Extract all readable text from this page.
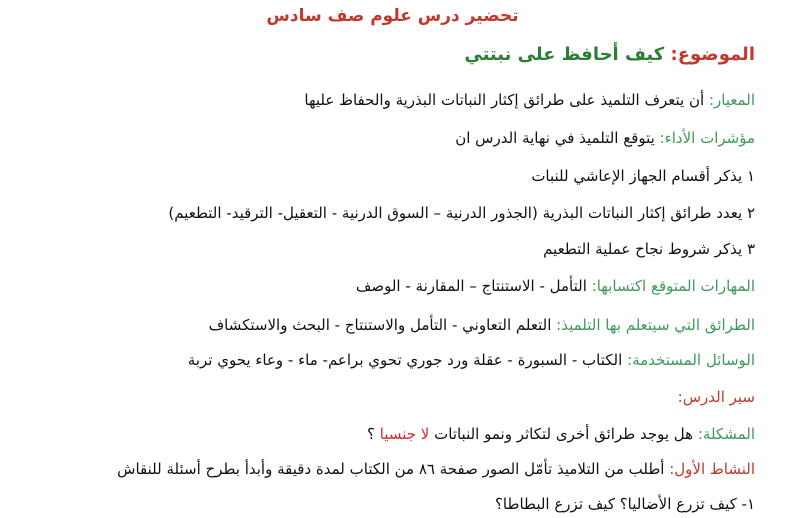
تحضير درس علوم صف سادس
الموضوع: كيف أحافظ على نبتتي
المعيار: أن يتعرف التلميذ على طرائق إكثار النباتات البذرية والحفاظ عليها
مؤشرات الأداء: يتوقع التلميذ في نهاية الدرس ان
١ يذكر أقسام الجهاز الإعاشي للنبات
٢ يعدد طرائق إكثار النباتات البذرية (الجذور الدرنية – السوق الدرنية - التعقيل- الترقيد- التطعيم)
٣ يذكر شروط نجاح عملية التطعيم
المهارات المتوقع اكتسابها: التأمل - الاستنتاج – المقارنة - الوصف
الطرائق التي سيتعلم بها التلميذ: التعلم التعاوني - التأمل والاستنتاج - البحث والاستكشاف
الوسائل المستخدمة: الكتاب - السبورة - عقلة ورد جوري تحوي براعم- ماء - وعاء يحوي تربة
سير الدرس:
المشكلة: هل يوجد طرائق أخرى لتكاثر ونمو النباتات لا جنسيا ؟
النشاط الأول: أطلب من التلاميذ تأمّل الصور صفحة ٨٦ من الكتاب لمدة دقيقة وأبدأ بطرح أسئلة للنقاش
١- كيف تزرع الأضاليا؟ كيف تزرع البطاطا؟
